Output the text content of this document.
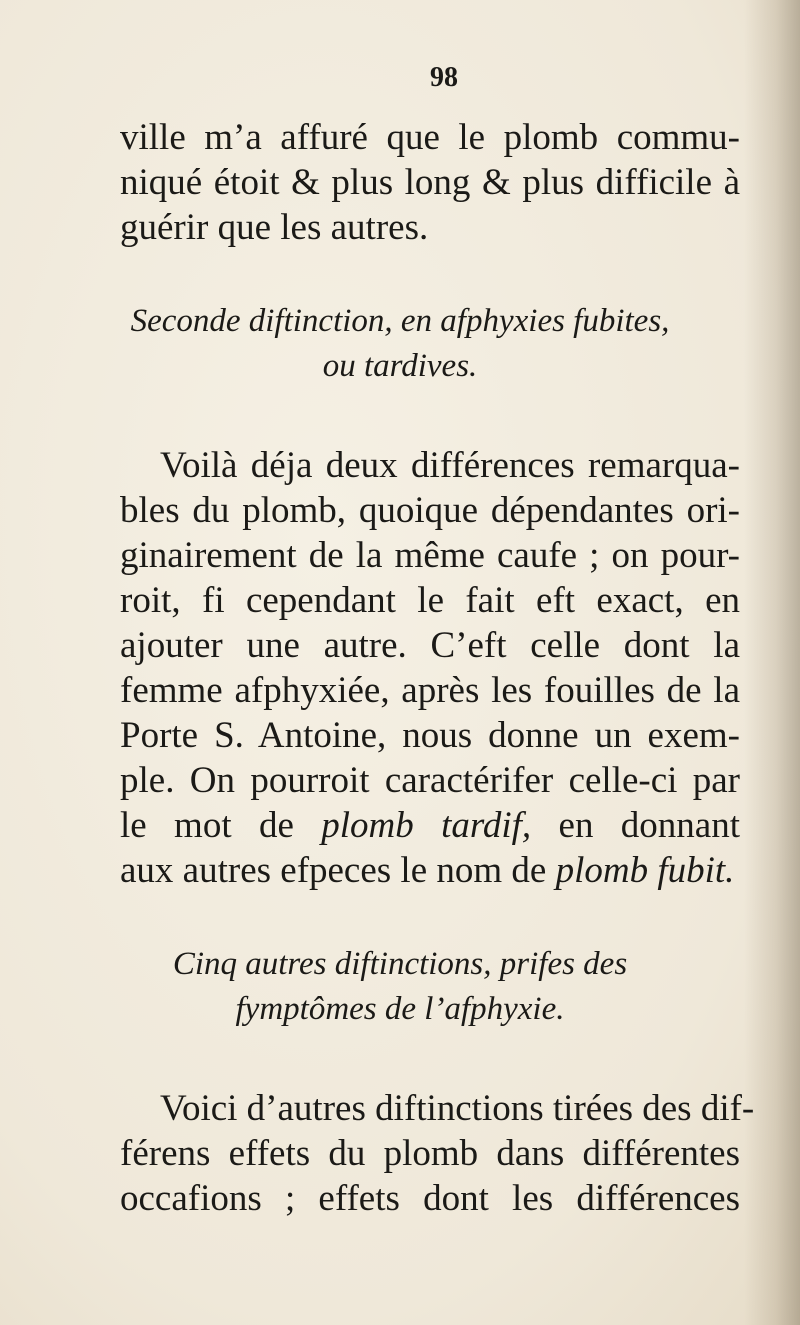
98
ville m’a affuré que le plomb commu-
niqué étoit & plus long & plus difficile à
guérir que les autres.
Seconde diftinction, en afphyxies fubites,
ou tardives.
Voilà déja deux différences remarqua-
bles du plomb, quoique dépendantes ori-
ginairement de la même caufe ; on pour-
roit, fi cependant le fait eft exact, en
ajouter une autre. C’eft celle dont la
femme afphyxiée, après les fouilles de la
Porte S. Antoine, nous donne un exem-
ple. On pourroit caractérifer celle-ci par
le mot de plomb tardif, en donnant
aux autres efpeces le nom de plomb fubit.
Cinq autres diftinctions, prifes des
fymptômes de l’afphyxie.
Voici d’autres diftinctions tirées des dif-
férens effets du plomb dans différentes
occafions ; effets dont les différences
